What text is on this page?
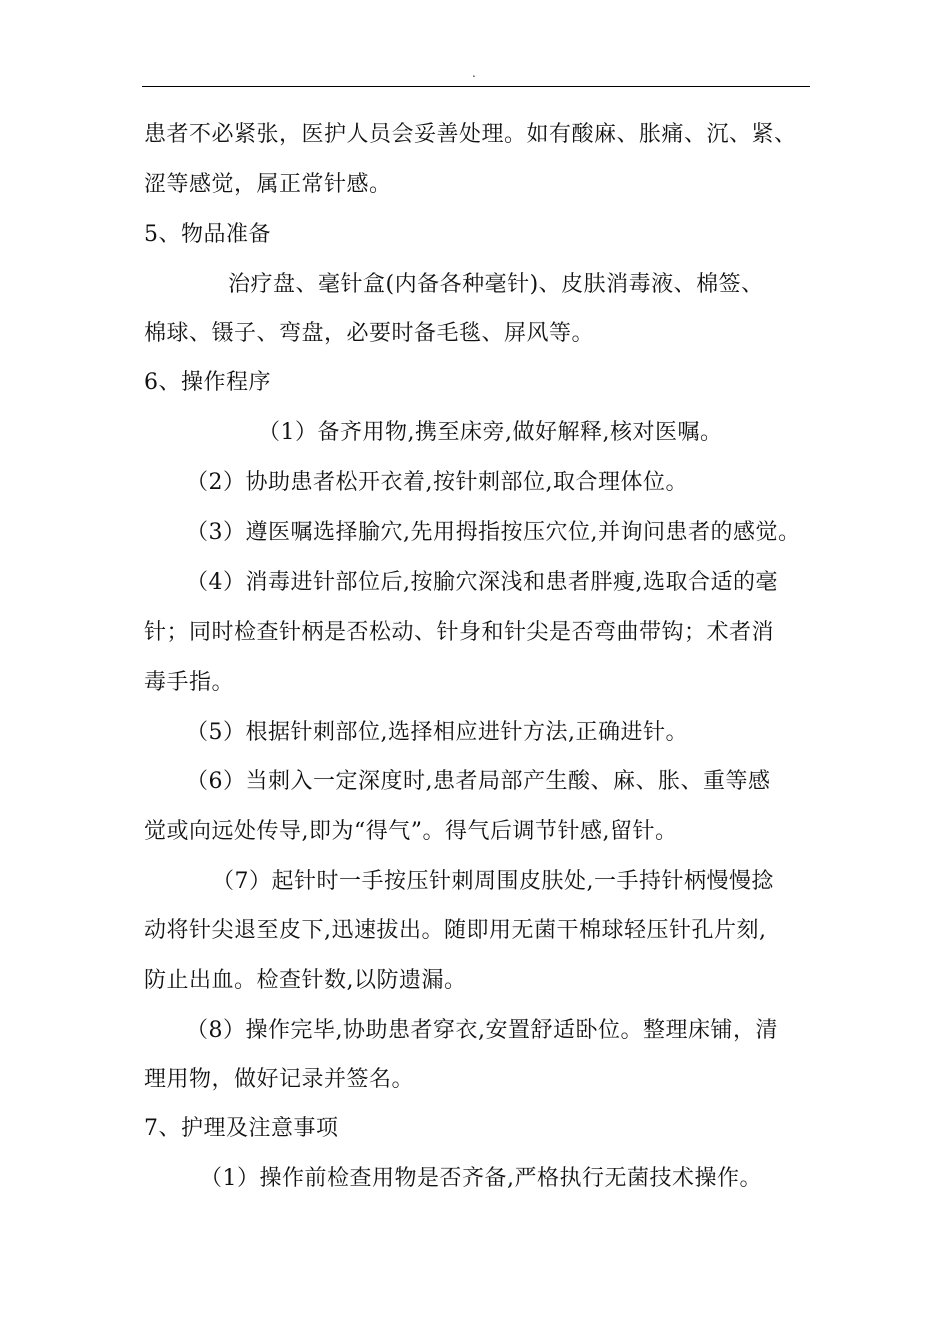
.
患者不必紧张，医护人员会妥善处理。如有酸麻、胀痛、沉、紧、
涩等感觉，属正常针感。
5、物品准备
治疗盘、毫针盒(内备各种毫针)、皮肤消毒液、棉签、
棉球、镊子、弯盘，必要时备毛毯、屏风等。
6、操作程序
（1）备齐用物,携至床旁,做好解释,核对医嘱。
（2）协助患者松开衣着,按针刺部位,取合理体位。
（3）遵医嘱选择腧穴,先用拇指按压穴位,并询问患者的感觉。
（4）消毒进针部位后,按腧穴深浅和患者胖瘦,选取合适的毫
针；同时检查针柄是否松动、针身和针尖是否弯曲带钩；术者消
毒手指。
（5）根据针刺部位,选择相应进针方法,正确进针。
（6）当刺入一定深度时,患者局部产生酸、麻、胀、重等感
觉或向远处传导,即为“得气”。得气后调节针感,留针。
（7）起针时一手按压针刺周围皮肤处,一手持针柄慢慢捻
动将针尖退至皮下,迅速拔出。随即用无菌干棉球轻压针孔片刻,
防止出血。检查针数,以防遗漏。
（8）操作完毕,协助患者穿衣,安置舒适卧位。整理床铺，清
理用物，做好记录并签名。
7、护理及注意事项
（1）操作前检查用物是否齐备,严格执行无菌技术操作。
